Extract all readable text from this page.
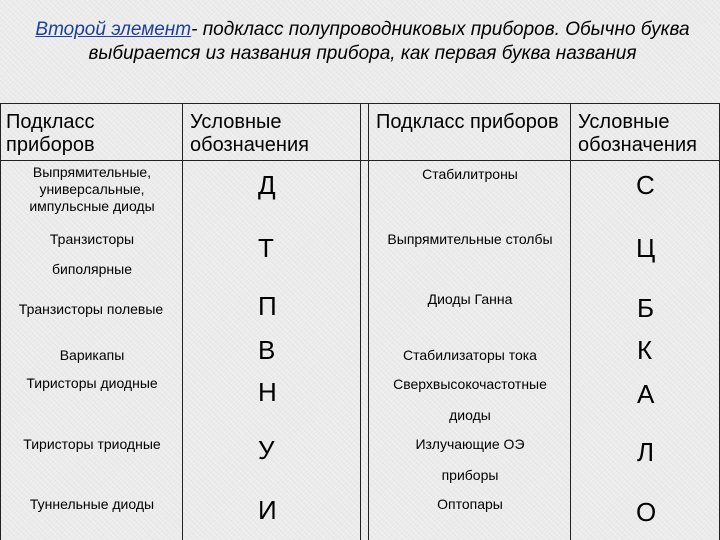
Второй элемент- подкласс полупроводниковых приборов. Обычно буква выбирается из названия прибора, как первая буква названия
Подкласс приборов
Условные обозначения
Подкласс приборов Условные обозначения
Выпрямительные, универсальные, импульсные диоды
Транзисторы
биполярные
Транзисторы полевые
Варикапы
Тиристоры диодные
Тиристоры триодные
Туннельные диоды
Д
Т
П
В
Н
У
И
Стабилитроны
Выпрямительные столбы
Диоды Ганна
Стабилизаторы тока
Сверхвысокочастотные
диоды
Излучающие ОЭ
приборы
Оптопары
С
Ц
Б
К
А
Л
О
